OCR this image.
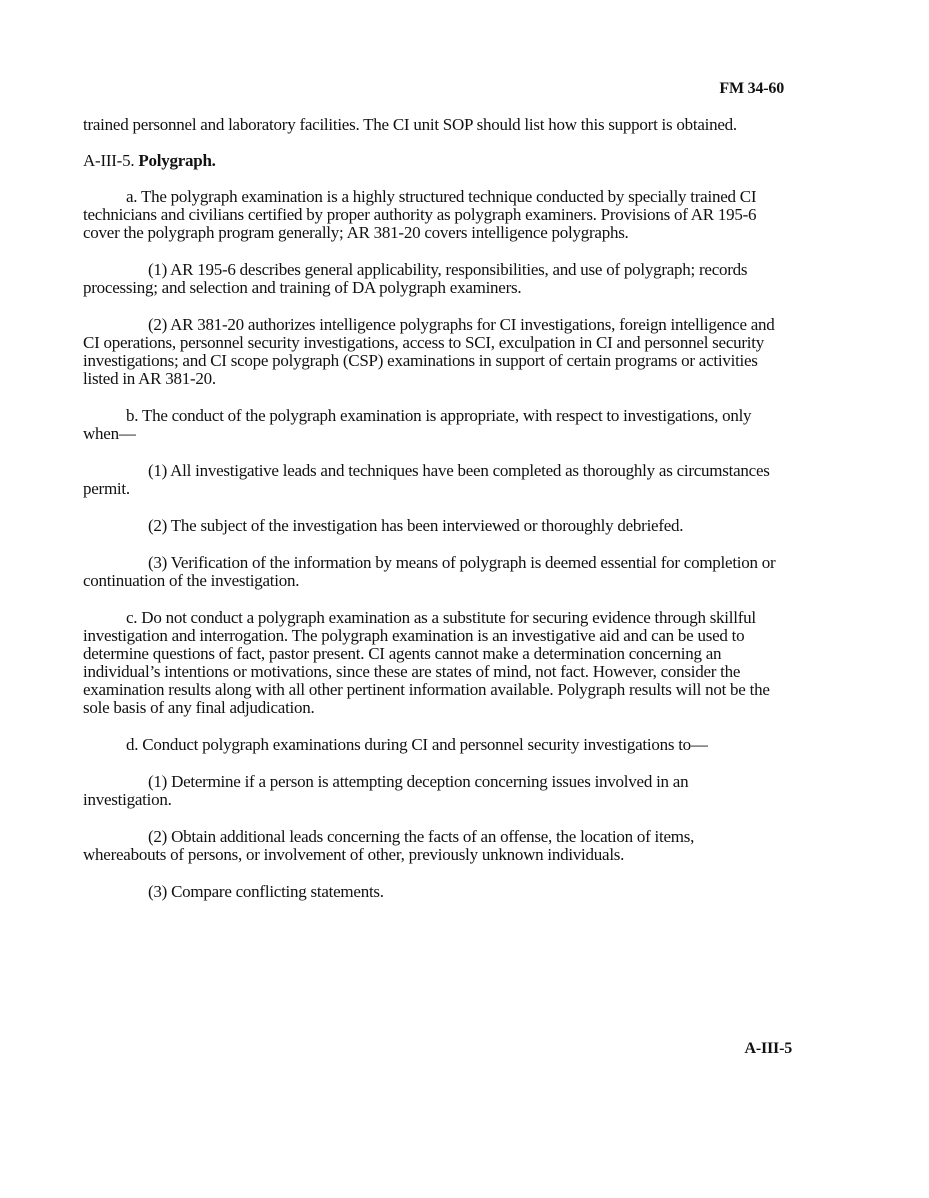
FM 34-60

trained personnel and laboratory facilities. The CI unit SOP should list how this support is obtained.

A-III-5. Polygraph.

a. The polygraph examination is a highly structured technique conducted by specially trained CI technicians and civilians certified by proper authority as polygraph examiners. Provisions of AR 195-6 cover the polygraph program generally; AR 381-20 covers intelligence polygraphs.

(1) AR 195-6 describes general applicability, responsibilities, and use of polygraph; records processing; and selection and training of DA polygraph examiners.

(2) AR 381-20 authorizes intelligence polygraphs for CI investigations, foreign intelligence and CI operations, personnel security investigations, access to SCI, exculpation in CI and personnel security investigations; and CI scope polygraph (CSP) examinations in support of certain programs or activities listed in AR 381-20.

b. The conduct of the polygraph examination is appropriate, with respect to investigations, only when—

(1) All investigative leads and techniques have been completed as thoroughly as circumstances permit.

(2) The subject of the investigation has been interviewed or thoroughly debriefed.

(3) Verification of the information by means of polygraph is deemed essential for completion or continuation of the investigation.

c. Do not conduct a polygraph examination as a substitute for securing evidence through skillful investigation and interrogation. The polygraph examination is an investigative aid and can be used to determine questions of fact, pastor present. CI agents cannot make a determination concerning an individual’s intentions or motivations, since these are states of mind, not fact. However, consider the examination results along with all other pertinent information available. Polygraph results will not be the sole basis of any final adjudication.

d. Conduct polygraph examinations during CI and personnel security investigations to—

(1) Determine if a person is attempting deception concerning issues involved in an investigation.

(2) Obtain additional leads concerning the facts of an offense, the location of items, whereabouts of persons, or involvement of other, previously unknown individuals.

(3) Compare conflicting statements.

A-III-5
